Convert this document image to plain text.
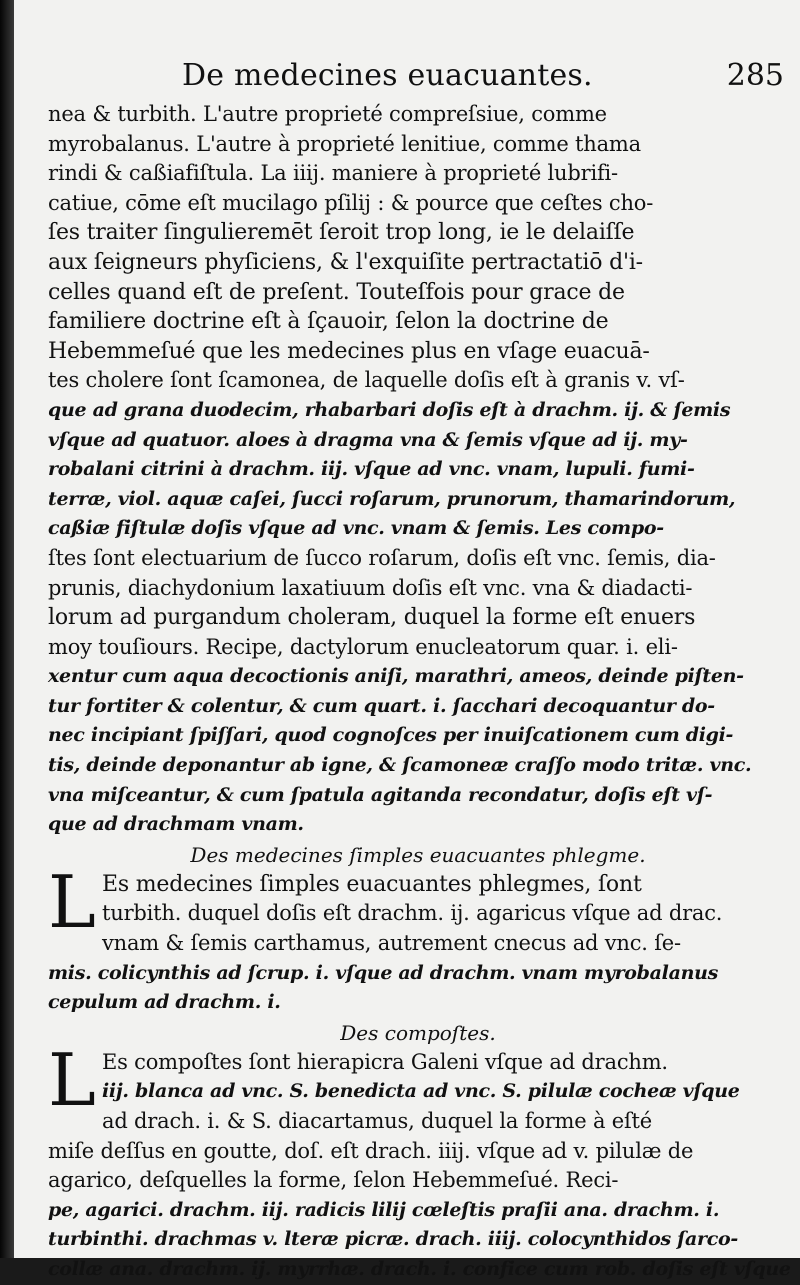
De medecines euacuantes.	285
nea & turbith. L'autre proprieté compreſsiue, comme
myrobalanus. L'autre à proprieté lenitiue, comme thama
rindi & caßiafiſtula. La iiij. maniere à proprieté lubrifi-
catiue, cōme eſt mucilago pſilij : & pource que ceſtes cho-
ſes traiter ſingulieremēt ſeroit trop long, ie le delaiſſe
aux ſeigneurs phyſiciens, & l'exquiſite pertractatiō d'i-
celles quand eſt de preſent. Touteſfois pour grace de
familiere doctrine eſt à ſçauoir, ſelon la doctrine de
Hebemmeſué que les medecines plus en vſage euacuā-
tes cholere ſont ſcamonea, de laquelle doſis eſt à granis v. vſ-
que ad grana duodecim, rhabarbari doſis eſt à drachm. ij. & ſemis
vſque ad quatuor. aloes à dragma vna & ſemis vſque ad ij. my-
robalani citrini à drachm. iij. vſque ad vnc. vnam, lupuli. fumi-
terræ, viol. aquæ caſei, ſucci roſarum, prunorum, thamarindorum,
caßiæ fiſtulæ doſis vſque ad vnc. vnam & ſemis. Les compo-
ſtes ſont electuarium de ſucco roſarum, doſis eſt vnc. ſemis, dia-
prunis, diachydonium laxatiuum doſis eſt vnc. vna & diadacti-
lorum ad purgandum choleram, duquel la forme eſt enuers
moy touſiours. Recipe, dactylorum enucleatorum quar. i. eli-
xentur cum aqua decoctionis aniſi, marathri, ameos, deinde piſten-
tur fortiter & colentur, & cum quart. i. ſacchari decoquantur do-
nec incipiant ſpiſſari, quod cognoſces per inuiſcationem cum digi-
tis, deinde deponantur ab igne, & ſcamoneæ craſſo modo tritæ. vnc.
vna miſceantur, & cum ſpatula agitanda recondatur, doſis eſt vſ-
que ad drachmam vnam.
Des medecines ſimples euacuantes phlegme.
L Es medecines ſimples euacuantes phlegmes, ſont
turbith. duquel doſis eſt drachm. ij. agaricus vſque ad drac.
vnam & ſemis carthamus, autrement cnecus ad vnc. ſe-
mis. colicynthis ad ſcrup. i. vſque ad drachm. vnam myrobalanus
cepulum ad drachm. i.
Des compoſtes.
L Es compoſtes ſont hierapicra Galeni vſque ad drachm.
iij. blanca ad vnc. S. benedicta ad vnc. S. pilulæ cocheæ vſque
ad drach. i. & S. diacartamus, duquel la forme à eſté
miſe deſſus en goutte, doſ. eſt drach. iiij. vſque ad v. pilulæ de
agarico, deſquelles la forme, ſelon Hebemmeſué. Reci-
pe, agarici. drachm. iij. radicis lilij cœleſtis praſii ana. drachm. i.
turbinthi. drachmas v. lteræ picræ. drach. iiij. colocynthidos ſarco-
collæ ana. drachm. ij. myrrhæ. drach. i. confice cum rob. doſis eſt vſque
